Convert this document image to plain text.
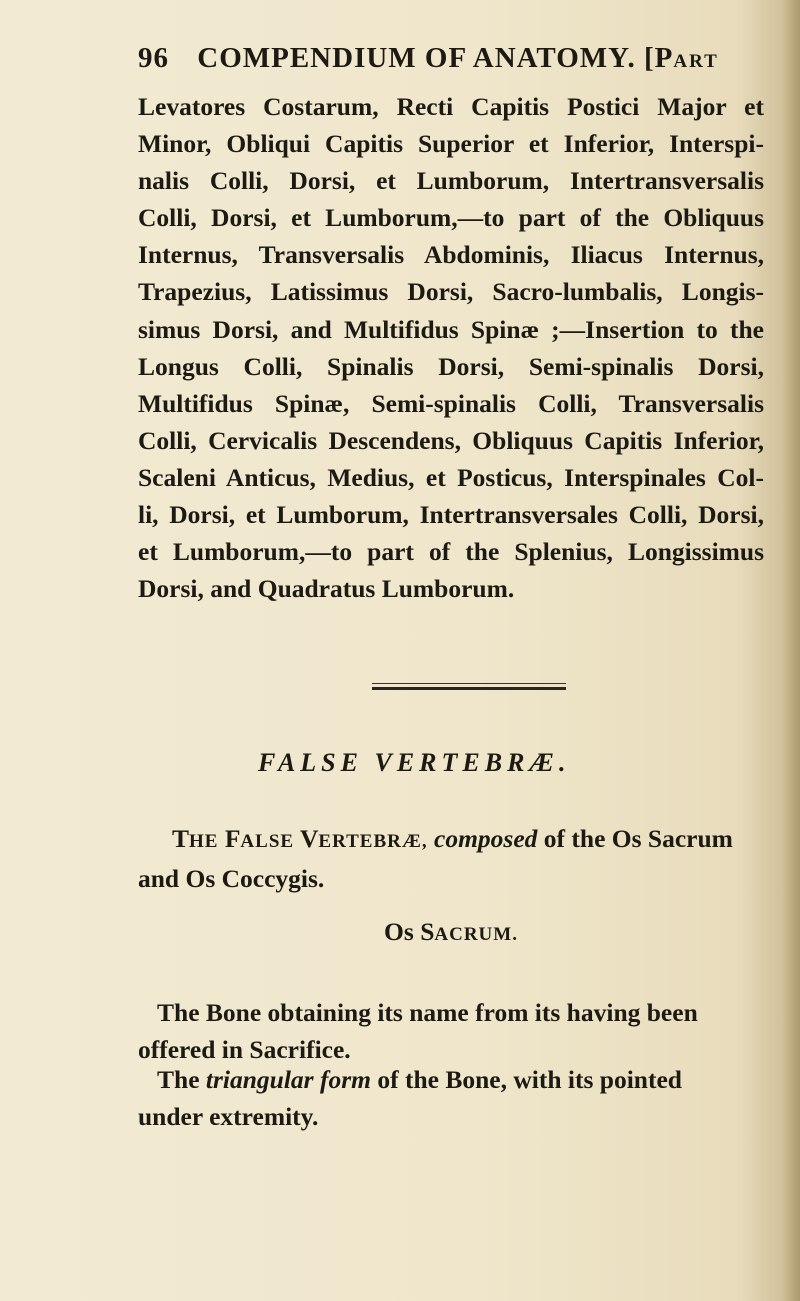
96 COMPENDIUM OF ANATOMY. [PART
Levatores Costarum, Recti Capitis Postici Major et
Minor, Obliqui Capitis Superior et Inferior, Interspi-
nalis Colli, Dorsi, et Lumborum, Intertransversalis
Colli, Dorsi, et Lumborum,—to part of the Obliquus
Internus, Transversalis Abdominis, Iliacus Internus,
Trapezius, Latissimus Dorsi, Sacro-lumbalis, Longis-
simus Dorsi, and Multifidus Spinæ ;—Insertion to the
Longus Colli, Spinalis Dorsi, Semi-spinalis Dorsi,
Multifidus Spinæ, Semi-spinalis Colli, Transversalis
Colli, Cervicalis Descendens, Obliquus Capitis Inferior,
Scaleni Anticus, Medius, et Posticus, Interspinales Col-
li, Dorsi, et Lumborum, Intertransversales Colli, Dorsi,
et Lumborum,—to part of the Splenius, Longissimus
Dorsi, and Quadratus Lumborum.
FALSE VERTEBRÆ.
THE FALSE VERTEBRÆ, composed of the Os Sacrum
and Os Coccygis.
Os SACRUM.
The Bone obtaining its name from its having been
offered in Sacrifice.
The triangular form of the Bone, with its pointed
under extremity.
